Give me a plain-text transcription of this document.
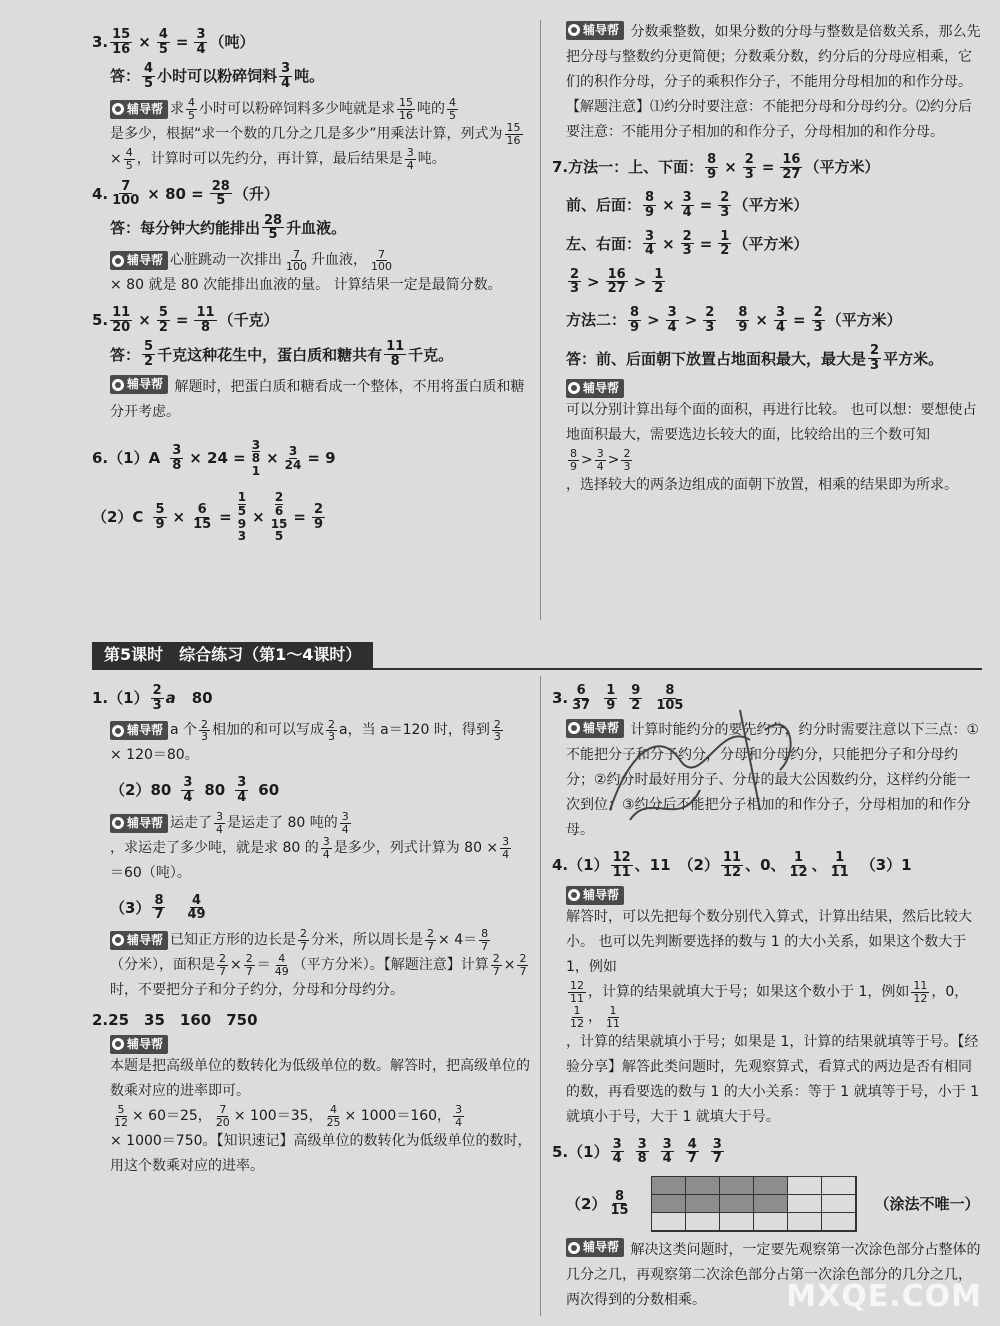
3. $\frac{15}{16} \times \frac{4}{5} = \frac{3}{4}$ （吨）
答： $\frac{4}{5}$ 小时可以粉碎饲料 $\frac{3}{4}$ 吨。
辅导帮 求 $\frac{4}{5}$ 小时可以粉碎饲料多少吨就是求 $\frac{15}{16}$ 吨的 $\frac{4}{5}$
是多少，根据“求一个数的几分之几是多少”用乘法计算，列式为 $\frac{15}{16}$
× $\frac{4}{5}$ ，计算时可以先约分，再计算，最后结果是 $\frac{3}{4}$ 吨。
4. $\frac{7}{100} \times 80 = \frac{28}{5}$ （升）
答：每分钟大约能排出 $\frac{28}{5}$ 升血液。
辅导帮 心脏跳动一次排出 $\frac{7}{100}$ 升血液， $\frac{7}{100}$
× 80 就是 80 次能排出血液的量。 计算结果一定是最简分数。
5. $\frac{11}{20} \times \frac{5}{2} = \frac{11}{8}$ （千克）
答： $\frac{5}{2}$ 千克这种花生中，蛋白质和糖共有 $\frac{11}{8}$ 千克。
辅导帮 解题时，把蛋白质和糖看成一个整体，不用将蛋白质和糖分开考虑。
$6.(1)A \frac{3}{8} \times 24$ =
3
8
1
× $\frac{3}{24} = 9$
$(2)C \frac{5}{9} \times \frac{6}{15}$ =
1
5
9
3
×
2
6
15
5
= $\frac{2}{9}$
辅导帮 分数乘整数，如果分数的分母与整数是倍数关系，那么先把分母与整数约分更简便；分数乘分数，约分后的分母应相乘，它们的积作分母，分子的乘积作分子，不能用分母相加的和作分母。【解题注意】⑴约分时要注意：不能把分母和分母约分。⑵约分后要注意：不能用分子相加的和作分子，分母相加的和作分母。
7.方法一：上、下面： $\frac{8}{9} \times \frac{2}{3} = \frac{16}{27}$ （平方米）
前、后面： $\frac{8}{9} \times \frac{3}{4} = \frac{2}{3}$ （平方米）
左、右面： $\frac{3}{4} \times \frac{2}{3} = \frac{1}{2}$ （平方米）
$\frac{2}{3} > \frac{16}{27} > \frac{1}{2}$
方法二： $\frac{8}{9} > \frac{3}{4} > \frac{2}{3} \frac{8}{9} \times \frac{3}{4} = \frac{2}{3}$ （平方米）
答：前、后面朝下放置占地面积最大，最大是 $\frac{2}{3}$ 平方米。
辅导帮
可以分别计算出每个面的面积，再进行比较。 也可以想：要想使占地面积最大，需要选边长较大的面，比较给出的三个数可知
$\frac{8}{9} > \frac{3}{4} > \frac{2}{3}$
，选择较大的两条边组成的面朝下放置，相乘的结果即为所求。
第5课时　综合练习（第1～4课时）
$1.(1) \frac{2}{3}$ a 80
辅导帮 a 个 $\frac{2}{3}$ 相加的和可以写成 $\frac{2}{3}$ a，当 a＝120 时，得到 $\frac{2}{3}$
× 120＝80。
（2） $80 \frac{3}{4} 80 \frac{3}{4} 60$
辅导帮 运走了 $\frac{3}{4}$ 是运走了 80 吨的 $\frac{3}{4}$
，求运走了多少吨，就是求 80 的 $\frac{3}{4}$ 是多少，列式计算为 $80 \times \frac{3}{4}$
＝60（吨）。
$(3) \frac{8}{7} \frac{4}{49}$
辅导帮 已知正方形的边长是 $\frac{2}{7}$ 分米，所以周长是 $\frac{2}{7} \times 4= \frac{8}{7}$
（分米），面积是 $\frac{2}{7} \times \frac{2}{7} = \frac{4}{49}$ （平方分米）。【解题注意】计算 $\frac{2}{7} \times \frac{2}{7}$
时，不要把分子和分子约分，分母和分母约分。
2.25　35　160　750
辅导帮
本题是把高级单位的数转化为低级单位的数。解答时，把高级单位的数乘对应的进率即可。
$\frac{5}{12} \times 60=25$， $\frac{7}{20} \times 100=35$， $\frac{4}{25} \times 1000=160$， $\frac{3}{4}$
× 1000＝750。【知识速记】高级单位的数转化为低级单位的数时，用这个数乘对应的进率。
3. $\frac{6}{37} \frac{1}{9} \frac{9}{2} \frac{8}{105}$
辅导帮 计算时能约分的要先约分，约分时需要注意以下三点：①不能把分子和分子约分，分母和分母约分，只能把分子和分母约分；②约分时最好用分子、分母的最大公因数约分，这样约分能一次到位；③约分后不能把分子相加的和作分子，分母相加的和作分母。
$4.(1) \frac{12}{11}$ 、11 $(2) \frac{11}{12}$ 、0、 $\frac{1}{12}$ 、 $\frac{1}{11} (3)1$
辅导帮
解答时，可以先把每个数分别代入算式，计算出结果，然后比较大小。 也可以先判断要选择的数与 1 的大小关系，如果这个数大于 1，例如
$\frac{12}{11}$ ，计算的结果就填大于号；如果这个数小于 1，例如 $\frac{11}{12}$ ，0，
$\frac{1}{12}$ ， $\frac{1}{11}$
，计算的结果就填小于号；如果是 1，计算的结果就填等于号。【经验分享】解答此类问题时，先观察算式，看算式的两边是否有相同的数，再看要选的数与 1 的大小关系：等于 1 就填等于号，小于 1 就填小于号，大于 1 就填大于号。
$5.(1) \frac{3}{4} \frac{3}{8} \frac{3}{4} \frac{4}{7} \frac{3}{7}$
$(2) \frac{8}{15}$	（涂法不唯一）
辅导帮 解决这类问题时，一定要先观察第一次涂色部分占整体的几分之几，再观察第二次涂色部分占第一次涂色部分的几分之几，两次得到的分数相乘。	MXQE.COM
